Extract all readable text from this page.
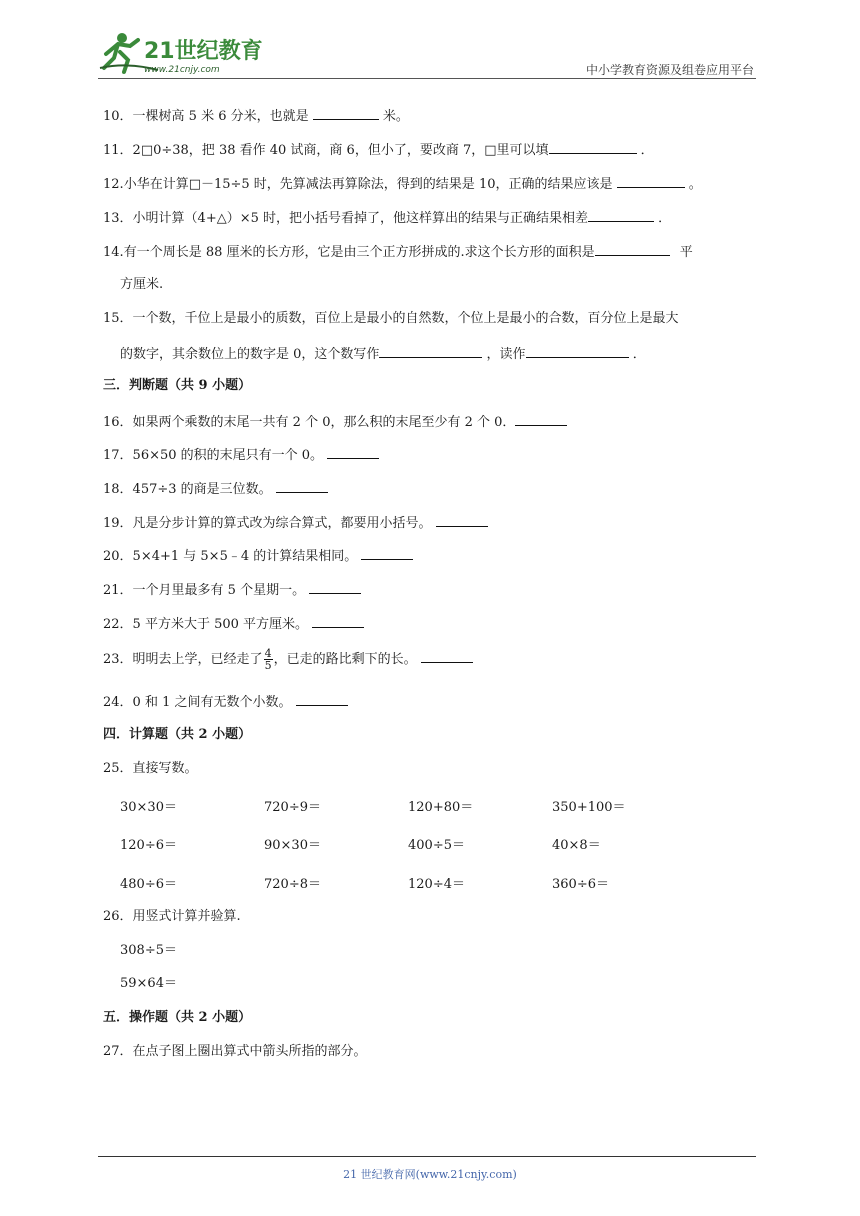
21世纪教育
www.21cnjy.com	中小学教育资源及组卷应用平台
10．一棵树高 5 米 6 分米，也就是	米。
11．2□0÷38，把 38 看作 40 试商，商 6，但小了，要改商 7，□里可以填	．
12.小华在计算□－15÷5 时，先算减法再算除法，得到的结果是 10，正确的结果应该是	。
13．小明计算（4+△）×5 时，把小括号看掉了，他这样算出的结果与正确结果相差	．
14.有一个周长是 88 厘米的长方形，它是由三个正方形拼成的.求这个长方形的面积是	平
方厘米.
15．一个数，千位上是最小的质数，百位上是最小的自然数，个位上是最小的合数，百分位上是最大
的数字，其余数位上的数字是 0，这个数写作	，读作	．
三．判断题（共 9 小题）
16．如果两个乘数的末尾一共有 2 个 0，那么积的末尾至少有 2 个 0．
17．56×50 的积的末尾只有一个 0。
18．457÷3 的商是三位数。
19．凡是分步计算的算式改为综合算式，都要用小括号。
20．5×4+1 与 5×5﹣4 的计算结果相同。
21．一个月里最多有 5 个星期一。
22．5 平方米大于 500 平方厘米。
23．明明去上学，已经走了 $\frac{4}{5}$ ，已走的路比剩下的长。
24．0 和 1 之间有无数个小数。
四．计算题（共 2 小题）
25．直接写数。
30×30＝	720÷9＝	120+80＝	350+100＝
120÷6＝	90×30＝	400÷5＝	40×8＝
480÷6＝	720÷8＝	120÷4＝	360÷6＝
26．用竖式计算并验算.
308÷5＝
59×64＝
五．操作题（共 2 小题）
27．在点子图上圈出算式中箭头所指的部分。
21 世纪教育网(www.21cnjy.com)
